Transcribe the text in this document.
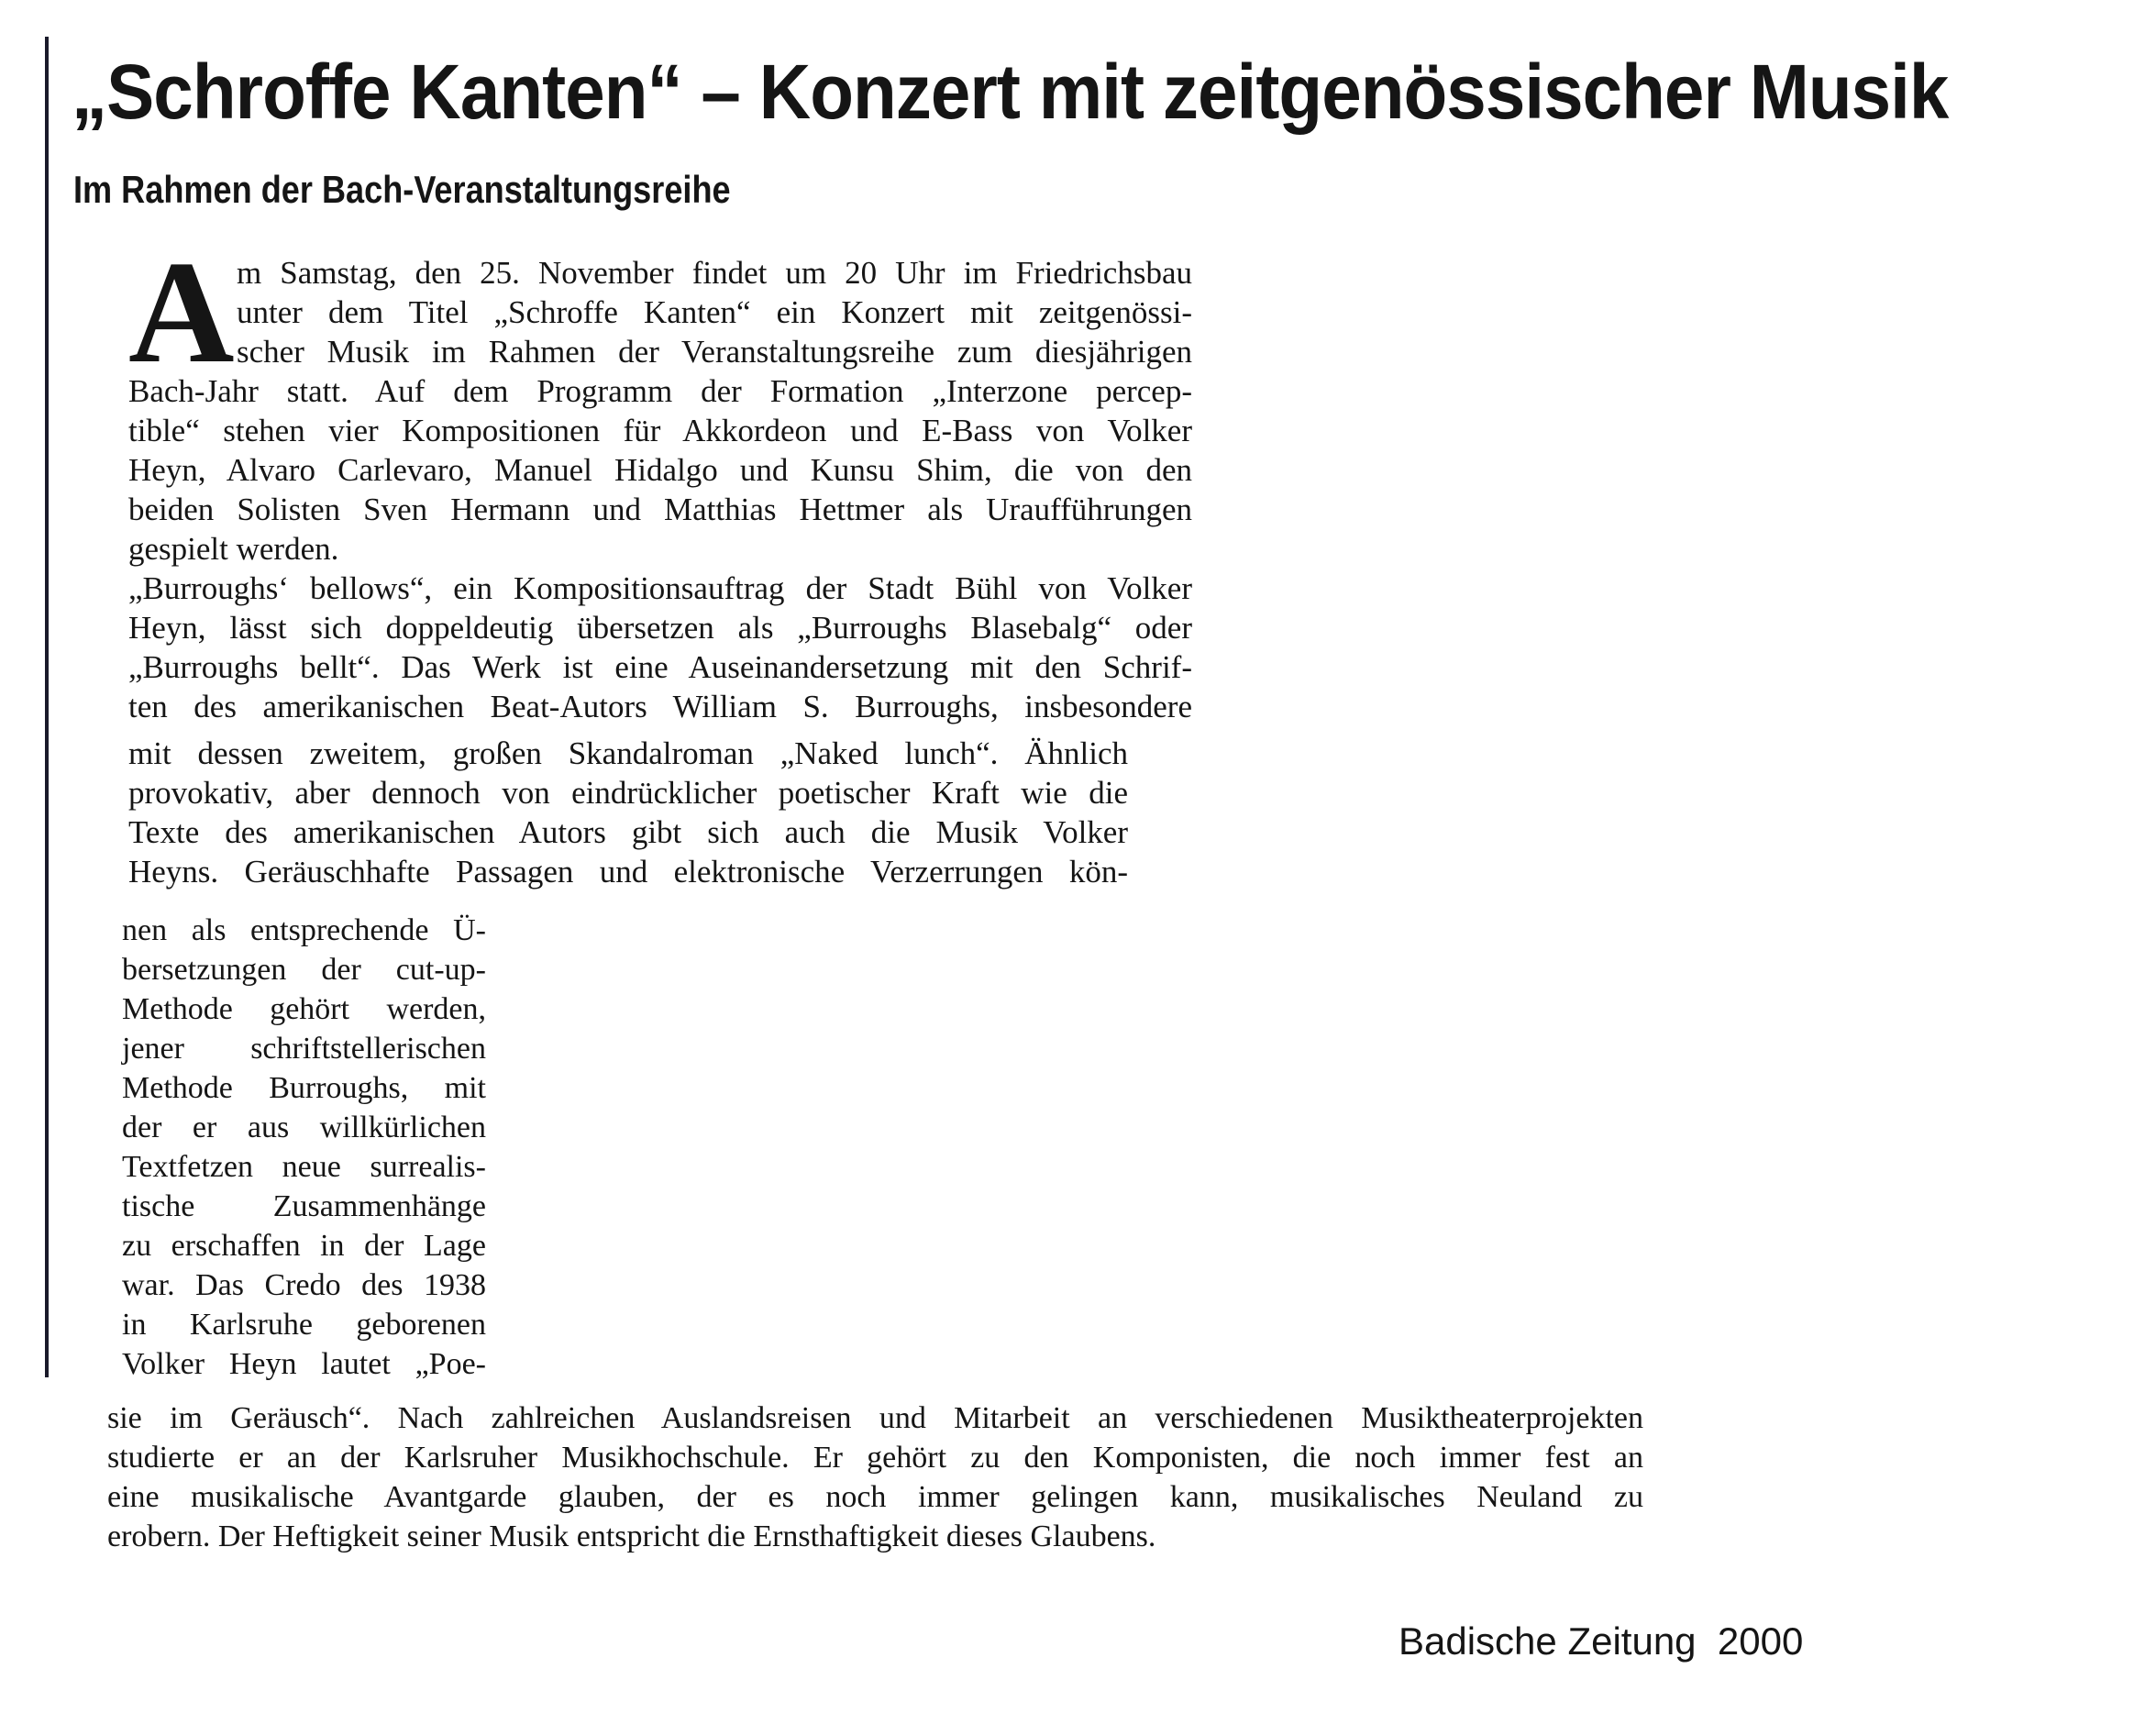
„Schroffe Kanten“ – Konzert mit zeitgenössischer Musik
Im Rahmen der Bach-Veranstaltungsreihe
A m Samstag, den 25. November findet um 20 Uhr im Friedrichsbau
unter dem Titel „Schroffe Kanten“ ein Konzert mit zeitgenössi-
scher Musik im Rahmen der Veranstaltungsreihe zum diesjährigen
Bach-Jahr statt. Auf dem Programm der Formation „Interzone percep-
tible“ stehen vier Kompositionen für Akkordeon und E-Bass von Volker
Heyn, Alvaro Carlevaro, Manuel Hidalgo und Kunsu Shim, die von den
beiden Solisten Sven Hermann und Matthias Hettmer als Uraufführungen
gespielt werden.
„Burroughs‘ bellows“, ein Kompositionsauftrag der Stadt Bühl von Volker
Heyn, lässt sich doppeldeutig übersetzen als „Burroughs Blasebalg“ oder
„Burroughs bellt“. Das Werk ist eine Auseinandersetzung mit den Schrif-
ten des amerikanischen Beat-Autors William S. Burroughs, insbesondere
mit dessen zweitem, großen Skandalroman „Naked lunch“. Ähnlich
provokativ, aber dennoch von eindrücklicher poetischer Kraft wie die
Texte des amerikanischen Autors gibt sich auch die Musik Volker
Heyns. Geräuschhafte Passagen und elektronische Verzerrungen kön-
nen als entsprechende Ü-
bersetzungen der cut-up-
Methode gehört werden,
jener schriftstellerischen
Methode Burroughs, mit
der er aus willkürlichen
Textfetzen neue surrealis-
tische Zusammenhänge
zu erschaffen in der Lage
war. Das Credo des 1938
in Karlsruhe geborenen
Volker Heyn lautet „Poe-
sie im Geräusch“. Nach zahlreichen Auslandsreisen und Mitarbeit an verschiedenen Musiktheaterprojekten
studierte er an der Karlsruher Musikhochschule. Er gehört zu den Komponisten, die noch immer fest an
eine musikalische Avantgarde glauben, der es noch immer gelingen kann, musikalisches Neuland zu
erobern. Der Heftigkeit seiner Musik entspricht die Ernsthaftigkeit dieses Glaubens.
Badische Zeitung  2000
